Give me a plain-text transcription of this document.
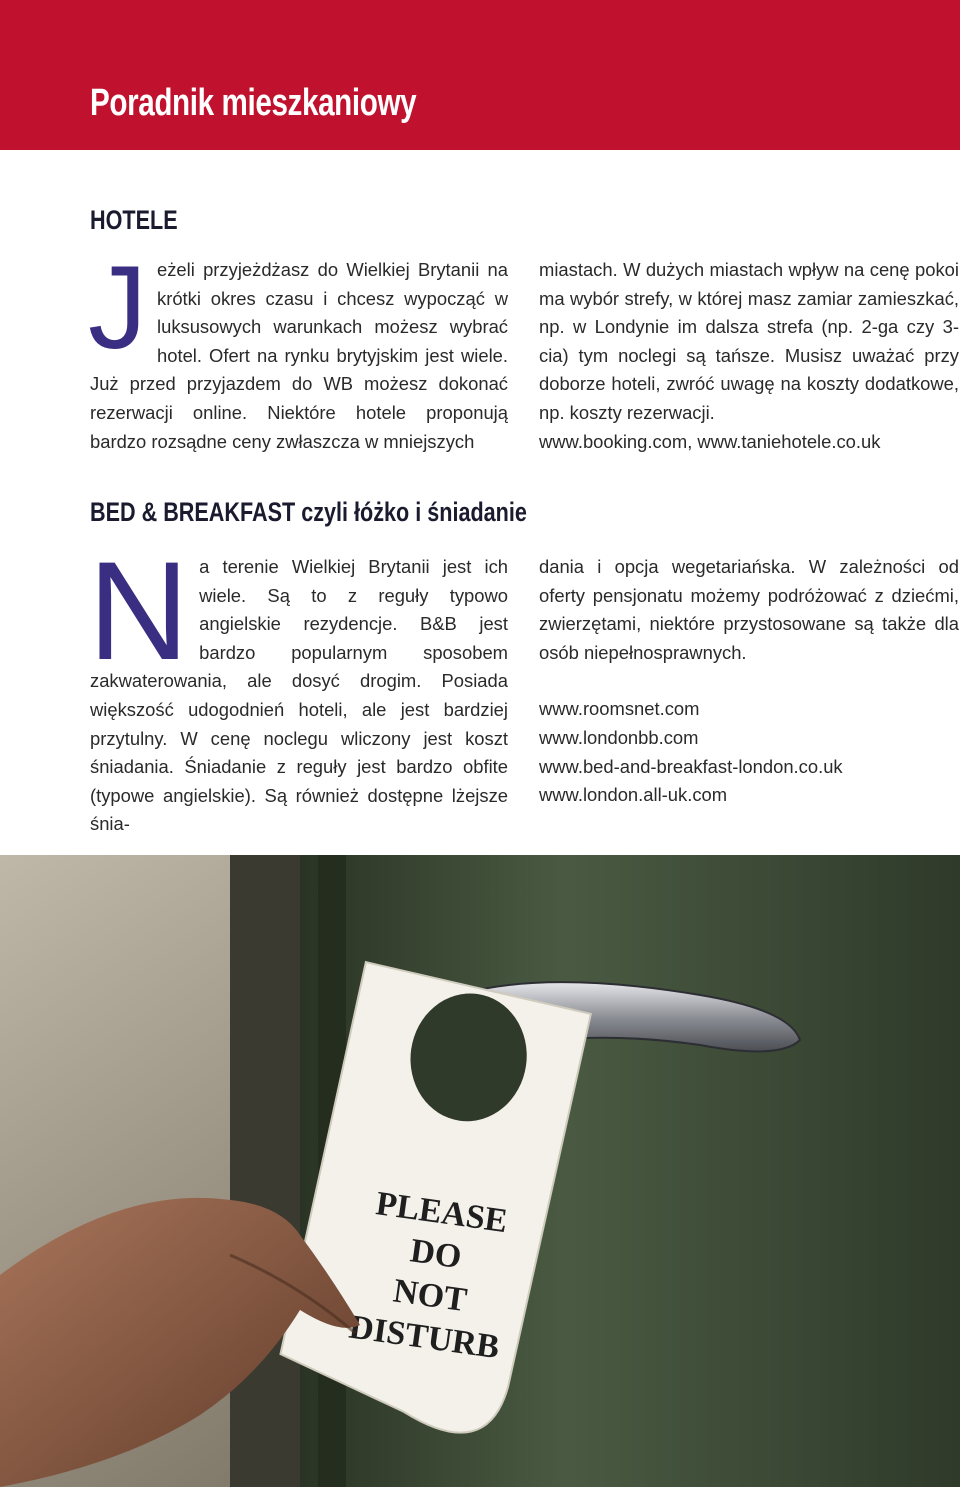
Poradnik mieszkaniowy
HOTELE
J eżeli przyjeżdżasz do Wielkiej Brytanii na krótki okres czasu i chcesz wypocząć w luksusowych warunkach możesz wybrać hotel. Ofert na rynku brytyjskim jest wiele. Już przed przyjazdem do WB możesz dokonać rezerwacji online. Niektóre hotele proponują bardzo rozsądne ceny zwłaszcza w mniejszych

miastach. W dużych miastach wpływ na cenę pokoi ma wybór strefy, w której masz zamiar zamieszkać, np. w Londynie im dalsza strefa (np. 2-ga czy 3-cia) tym noclegi są tańsze. Musisz uważać przy doborze hoteli, zwróć uwagę na koszty dodatkowe, np. koszty rezerwacji.

www.booking.com, www.taniehotele.co.uk

BED & BREAKFAST czyli łóżko i śniadanie
N a terenie Wielkiej Brytanii jest ich wiele. Są to z reguły typowo angielskie rezydencje. B&B jest bardzo popularnym sposobem zakwaterowania, ale dosyć drogim. Posiada większość udogodnień hoteli, ale jest bardziej przytulny. W cenę noclegu wliczony jest koszt śniadania. Śniadanie z reguły jest bardzo obfite (typowe angielskie). Są również dostępne lżejsze śnia-

dania i opcja wegetariańska. W zależności od oferty pensjonatu możemy podróżować z dziećmi, zwierzętami, niektóre przystosowane są także dla osób niepełnosprawnych.

www.roomsnet.com
www.londonbb.com
www.bed-and-breakfast-london.co.uk
www.london.all-uk.com
PLEASE
DO
NOT
DISTURB
